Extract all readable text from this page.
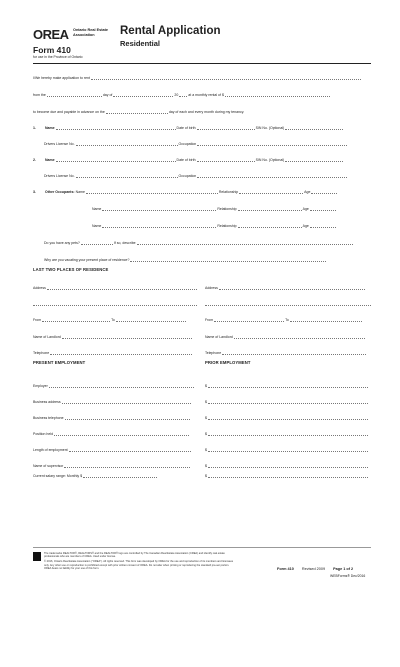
OREA Ontario Real Estate
Association	Rental Application
Residential
Form 410
for use in the Province of Ontario
I/We hereby make application to rent
from the	day of	20	at a monthly rental of $
to become due and payable in advance on the	day of each and every month during my tenancy.
1.	Name	Date of birth	SIN No. (Optional)
Drivers License No.	Occupation
2.	Name	Date of birth	SIN No. (Optional)
Drivers License No.	Occupation
3.	Other Occupants: Name	Relationship	Age
Name	Relationship	Age
Name	Relationship	Age
Do you have any pets?	If so, describe
Why are you vacating your present place of residence?
LAST TWO PLACES OF RESIDENCE
Address	Address
From	To	From	To
Name of Landlord	Name of Landlord
Telephone	Telephone
PRESENT EMPLOYMENT	PRIOR EMPLOYMENT
Employer	$
Business address	$
Business telephone	$
Position held	$
Length of employment	$
Name of supervisor	$
Current salary range: Monthly $	$
The trademarks REALTOR®, REALTORS® and the REALTOR® logo are controlled by The Canadian Real Estate Association (CREA) and identify real estate professionals who are members of CREA. Used under license.
© 2016, Ontario Real Estate Association ("OREA"). All rights reserved. This form was developed by OREA for the use and reproduction of its members and licensees only. Any other use or reproduction is prohibited except with prior written consent of OREA. Do not alter when printing or reproducing the standard pre-set portion. OREA bears no liability for your use of this form.	Form 410 Revised 2009 Page 1 of 2
WEBForms® Dec/2016
